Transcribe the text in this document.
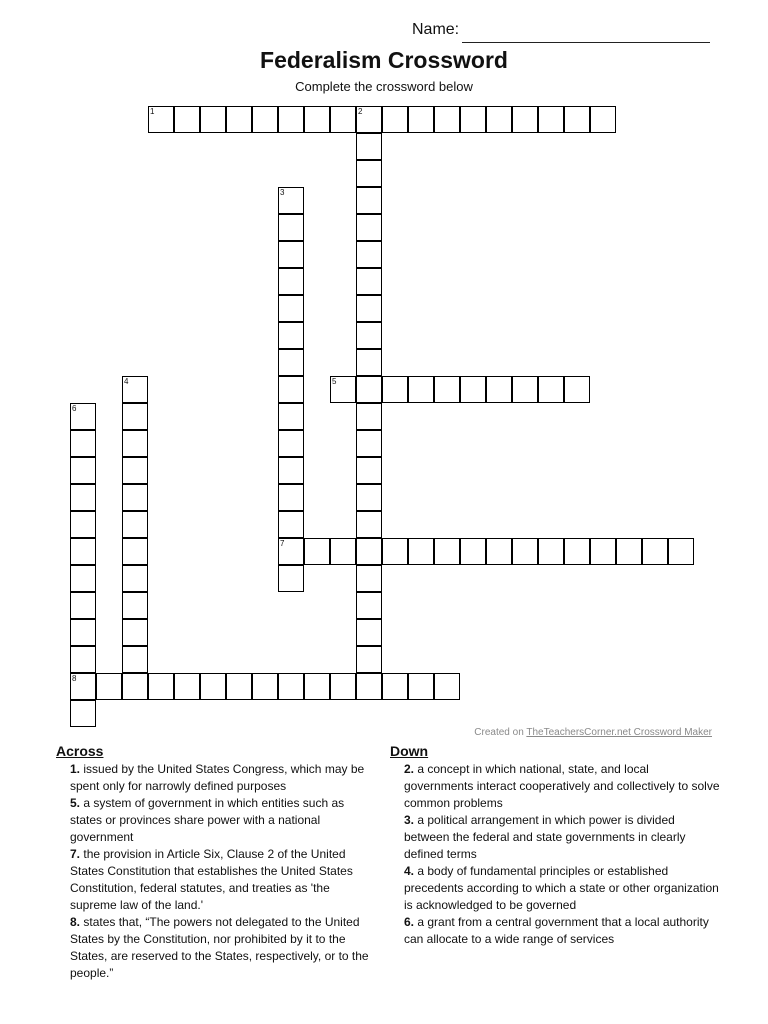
Name:
Federalism Crossword
Complete the crossword below
1	2
3
7
4	5
6
8
Created on TheTeachersCorner.net Crossword Maker
Across
1. issued by the United States Congress, which may be spent only for narrowly defined purposes
5. a system of government in which entities such as states or provinces share power with a national government
7. the provision in Article Six, Clause 2 of the United States Constitution that establishes the United States Constitution, federal statutes, and treaties as 'the supreme law of the land.'
8. states that, “The powers not delegated to the United States by the Constitution, nor prohibited by it to the States, are reserved to the States, respectively, or to the people.”
Down
2. a concept in which national, state, and local governments interact cooperatively and collectively to solve common problems
3. a political arrangement in which power is divided between the federal and state governments in clearly defined terms
4. a body of fundamental principles or established precedents according to which a state or other organization is acknowledged to be governed
6. a grant from a central government that a local authority can allocate to a wide range of services
